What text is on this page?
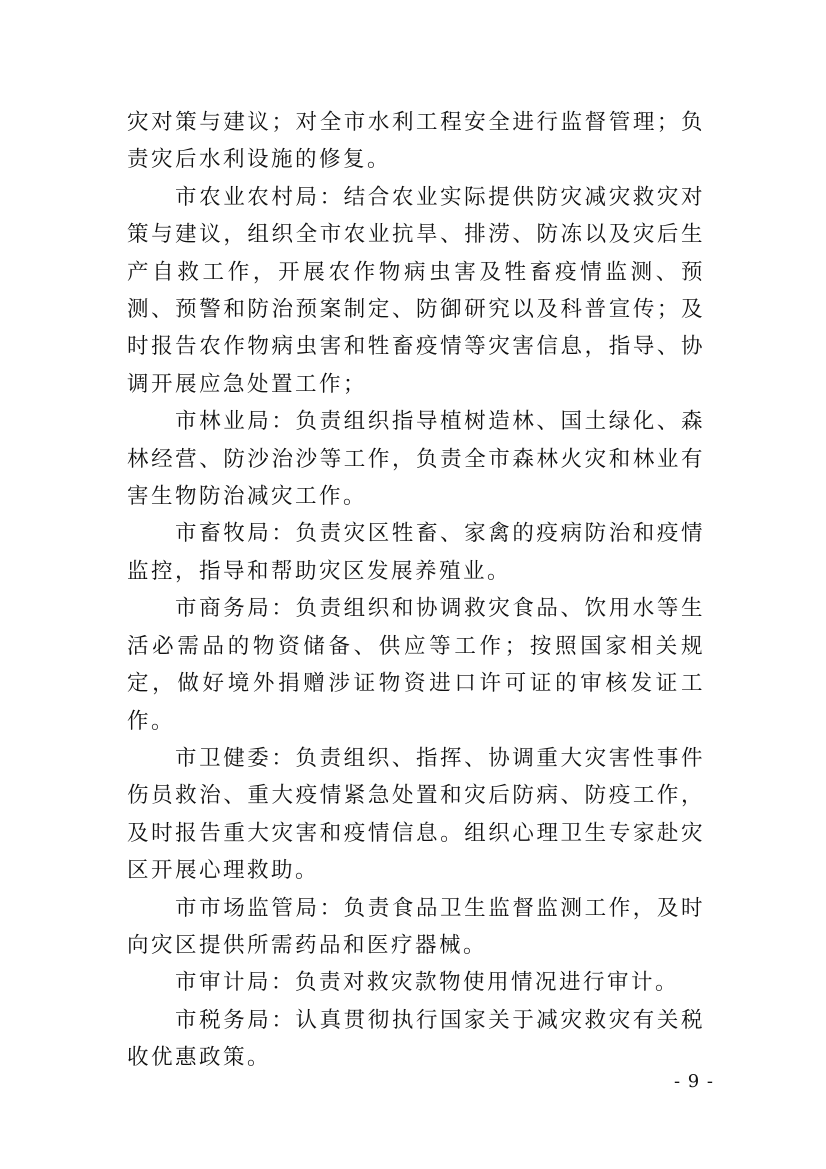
灾对策与建议；对全市水利工程安全进行监督管理；负责灾后水利设施的修复。

市农业农村局：结合农业实际提供防灾减灾救灾对策与建议，组织全市农业抗旱、排涝、防冻以及灾后生产自救工作，开展农作物病虫害及牲畜疫情监测、预测、预警和防治预案制定、防御研究以及科普宣传；及时报告农作物病虫害和牲畜疫情等灾害信息，指导、协调开展应急处置工作；

市林业局：负责组织指导植树造林、国土绿化、森林经营、防沙治沙等工作，负责全市森林火灾和林业有害生物防治减灾工作。

市畜牧局：负责灾区牲畜、家禽的疫病防治和疫情监控，指导和帮助灾区发展养殖业。

市商务局：负责组织和协调救灾食品、饮用水等生活必需品的物资储备、供应等工作；按照国家相关规定，做好境外捐赠涉证物资进口许可证的审核发证工作。

市卫健委：负责组织、指挥、协调重大灾害性事件伤员救治、重大疫情紧急处置和灾后防病、防疫工作，及时报告重大灾害和疫情信息。组织心理卫生专家赴灾区开展心理救助。

市市场监管局：负责食品卫生监督监测工作，及时向灾区提供所需药品和医疗器械。

市审计局：负责对救灾款物使用情况进行审计。

市税务局：认真贯彻执行国家关于减灾救灾有关税收优惠政策。

- 9 -
